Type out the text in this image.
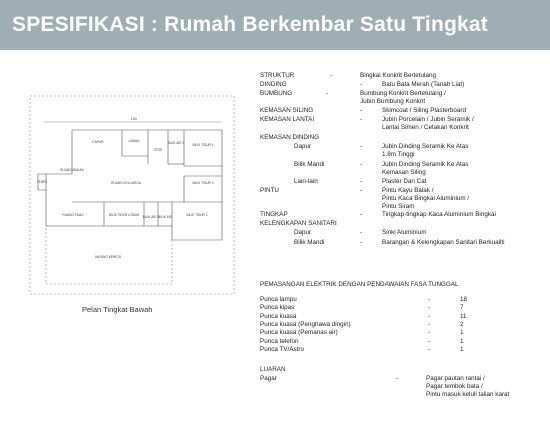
SPESIFIKASI : Rumah Berkembar Satu Tingkat
12m
DAPUR	LAMAN
STOR
BILIK AIR 2	BILIK TIDUR 4
RUANG MAKAN
TERES	RUANG KELUARGA	BILIK TIDUR 3
RUANG TAMU	BILIK TIDUR UTAMA BILIK AIR 1
BILIK AIR	BILIK TIDUR 2
ANJUNG KERETA
Pelan Tingkat Bawah
STRUKTUR	-	Bingkai Konkrit Bertetulang
DINDING	-	Batu Bata Merah (Tanah Liat)
BUMBUNG	-	Bumbung Konkrit Bertetulang /
Jubin Bumbung Konkrit
KEMASAN SILING	-	Skimcoat / Siling Plasterboard
KEMASAN LANTAI	-	Jubin Porcelain / Jubin Seramik /
Lantai Simen / Cetakan Konkrit
KEMASAN DINDING
Dapur	-	Jubin Dinding Seramik Ke Atas
1.8m Tinggi
Bilik Mandi	-	Jubin Dinding Seramik Ke Atas
Kemasan Siling
Lain-lain	-	Plaster Dan Cat
PINTU	-	Pintu Kayu Balak /
Pintu Kaca Bingkai Aluminium /
Pintu Siram
TINGKAP	-	Tingkap-tingkap Kaca Aluminium Bingkai
KELENGKAPAN SANITARI
Dapur	-	Sinki Aluminium
Bilik Mandi	-	Barangan & Kelengkapan Sanitari Berkualiti
PEMASANGAN ELEKTRIK DENGAN PENDAWAIAN FASA TUNGGAL
Punca lampu	-	18
Punca kipas	-	7
Punca kuasa	-	11
Punca kuasa (Penghawa dingin)	-	2
Punca kuasa (Pemanas air)	-	1
Punca telefon	-	1
Punca TV/Astro	-	1
LUARAN
Pagar	-	Pagar pautan rantai /
Pagar tembok bata /
Pintu masuk keluli talian karat
